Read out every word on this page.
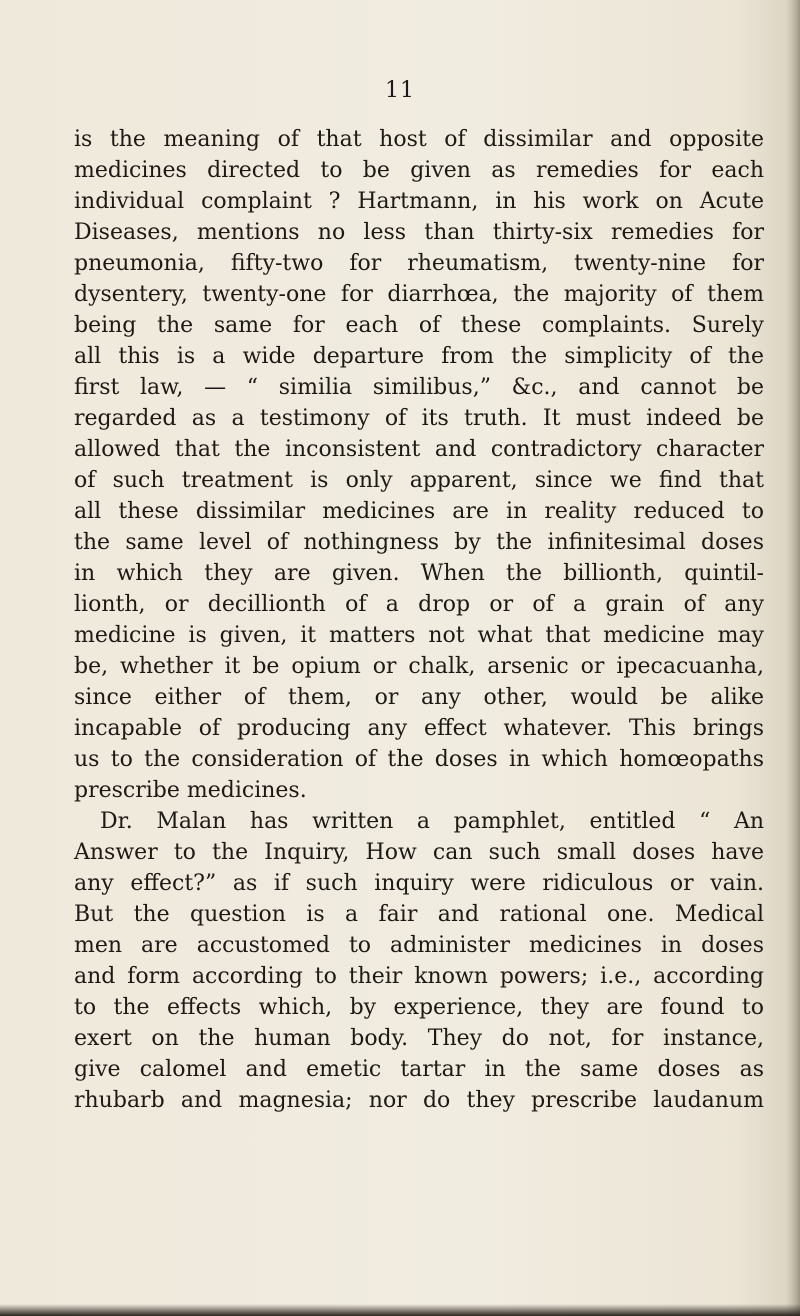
11
is the meaning of that host of dissimilar and opposite
medicines directed to be given as remedies for each
individual complaint ? Hartmann, in his work on Acute
Diseases, mentions no less than thirty-six remedies for
pneumonia, fifty-two for rheumatism, twenty-nine for
dysentery, twenty-one for diarrhœa, the majority of them
being the same for each of these complaints. Surely
all this is a wide departure from the simplicity of the
first law, — “ similia similibus,” &c., and cannot be
regarded as a testimony of its truth. It must indeed be
allowed that the inconsistent and contradictory character
of such treatment is only apparent, since we find that
all these dissimilar medicines are in reality reduced to
the same level of nothingness by the infinitesimal doses
in which they are given. When the billionth, quintil-
lionth, or decillionth of a drop or of a grain of any
medicine is given, it matters not what that medicine may
be, whether it be opium or chalk, arsenic or ipecacuanha,
since either of them, or any other, would be alike
incapable of producing any effect whatever. This brings
us to the consideration of the doses in which homœopaths
prescribe medicines.
Dr. Malan has written a pamphlet, entitled “ An
Answer to the Inquiry, How can such small doses have
any effect?” as if such inquiry were ridiculous or vain.
But the question is a fair and rational one. Medical
men are accustomed to administer medicines in doses
and form according to their known powers; i.e., according
to the effects which, by experience, they are found to
exert on the human body. They do not, for instance,
give calomel and emetic tartar in the same doses as
rhubarb and magnesia; nor do they prescribe laudanum
